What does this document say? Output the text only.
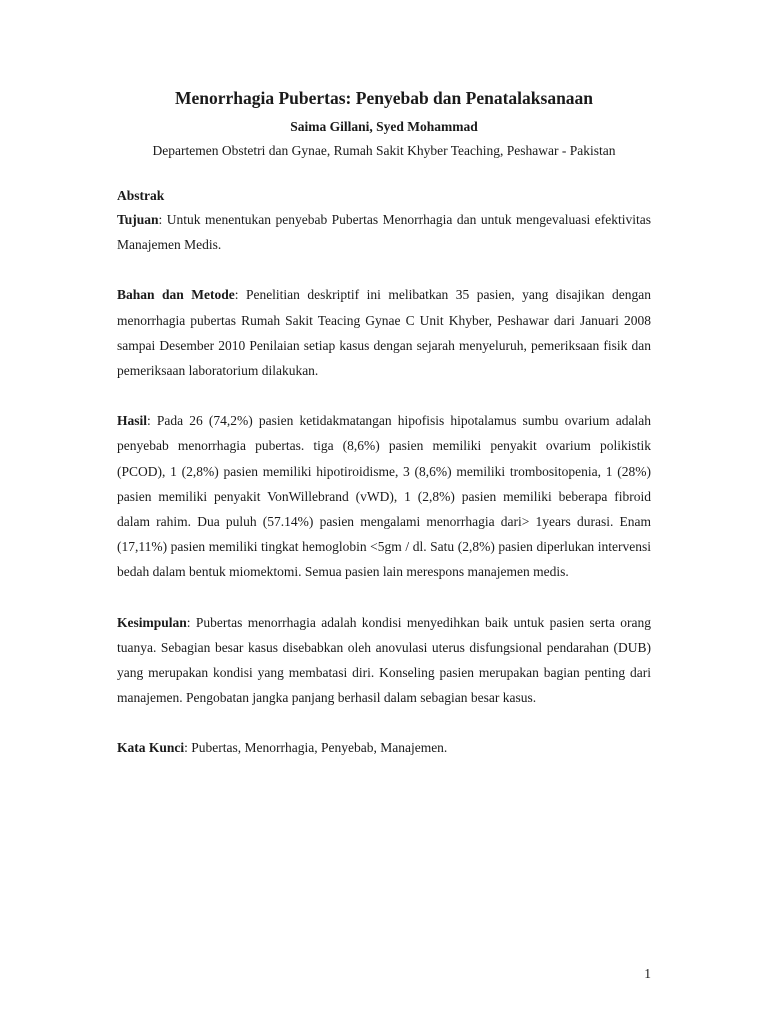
Menorrhagia Pubertas: Penyebab dan Penatalaksanaan

Saima Gillani, Syed Mohammad

Departemen Obstetri dan Gynae, Rumah Sakit Khyber Teaching, Peshawar - Pakistan

Abstrak

Tujuan: Untuk menentukan penyebab Pubertas Menorrhagia dan untuk mengevaluasi efektivitas Manajemen Medis.

Bahan dan Metode: Penelitian deskriptif ini melibatkan 35 pasien, yang disajikan dengan menorrhagia pubertas Rumah Sakit Teacing Gynae C Unit Khyber, Peshawar dari Januari 2008 sampai Desember 2010 Penilaian setiap kasus dengan sejarah menyeluruh, pemeriksaan fisik dan pemeriksaan laboratorium dilakukan.

Hasil: Pada 26 (74,2%) pasien ketidakmatangan hipofisis hipotalamus sumbu ovarium adalah penyebab menorrhagia pubertas. tiga (8,6%) pasien memiliki penyakit ovarium polikistik (PCOD), 1 (2,8%) pasien memiliki hipotiroidisme, 3 (8,6%) memiliki trombositopenia, 1 (28%) pasien memiliki penyakit VonWillebrand (vWD), 1 (2,8%) pasien memiliki beberapa fibroid dalam rahim. Dua puluh (57.14%) pasien mengalami menorrhagia dari> 1years durasi. Enam (17,11%) pasien memiliki tingkat hemoglobin <5gm / dl. Satu (2,8%) pasien diperlukan intervensi bedah dalam bentuk miomektomi. Semua pasien lain merespons manajemen medis.

Kesimpulan: Pubertas menorrhagia adalah kondisi menyedihkan baik untuk pasien serta orang tuanya. Sebagian besar kasus disebabkan oleh anovulasi uterus disfungsional pendarahan (DUB) yang merupakan kondisi yang membatasi diri. Konseling pasien merupakan bagian penting dari manajemen. Pengobatan jangka panjang berhasil dalam sebagian besar kasus.

Kata Kunci: Pubertas, Menorrhagia, Penyebab, Manajemen.

1
